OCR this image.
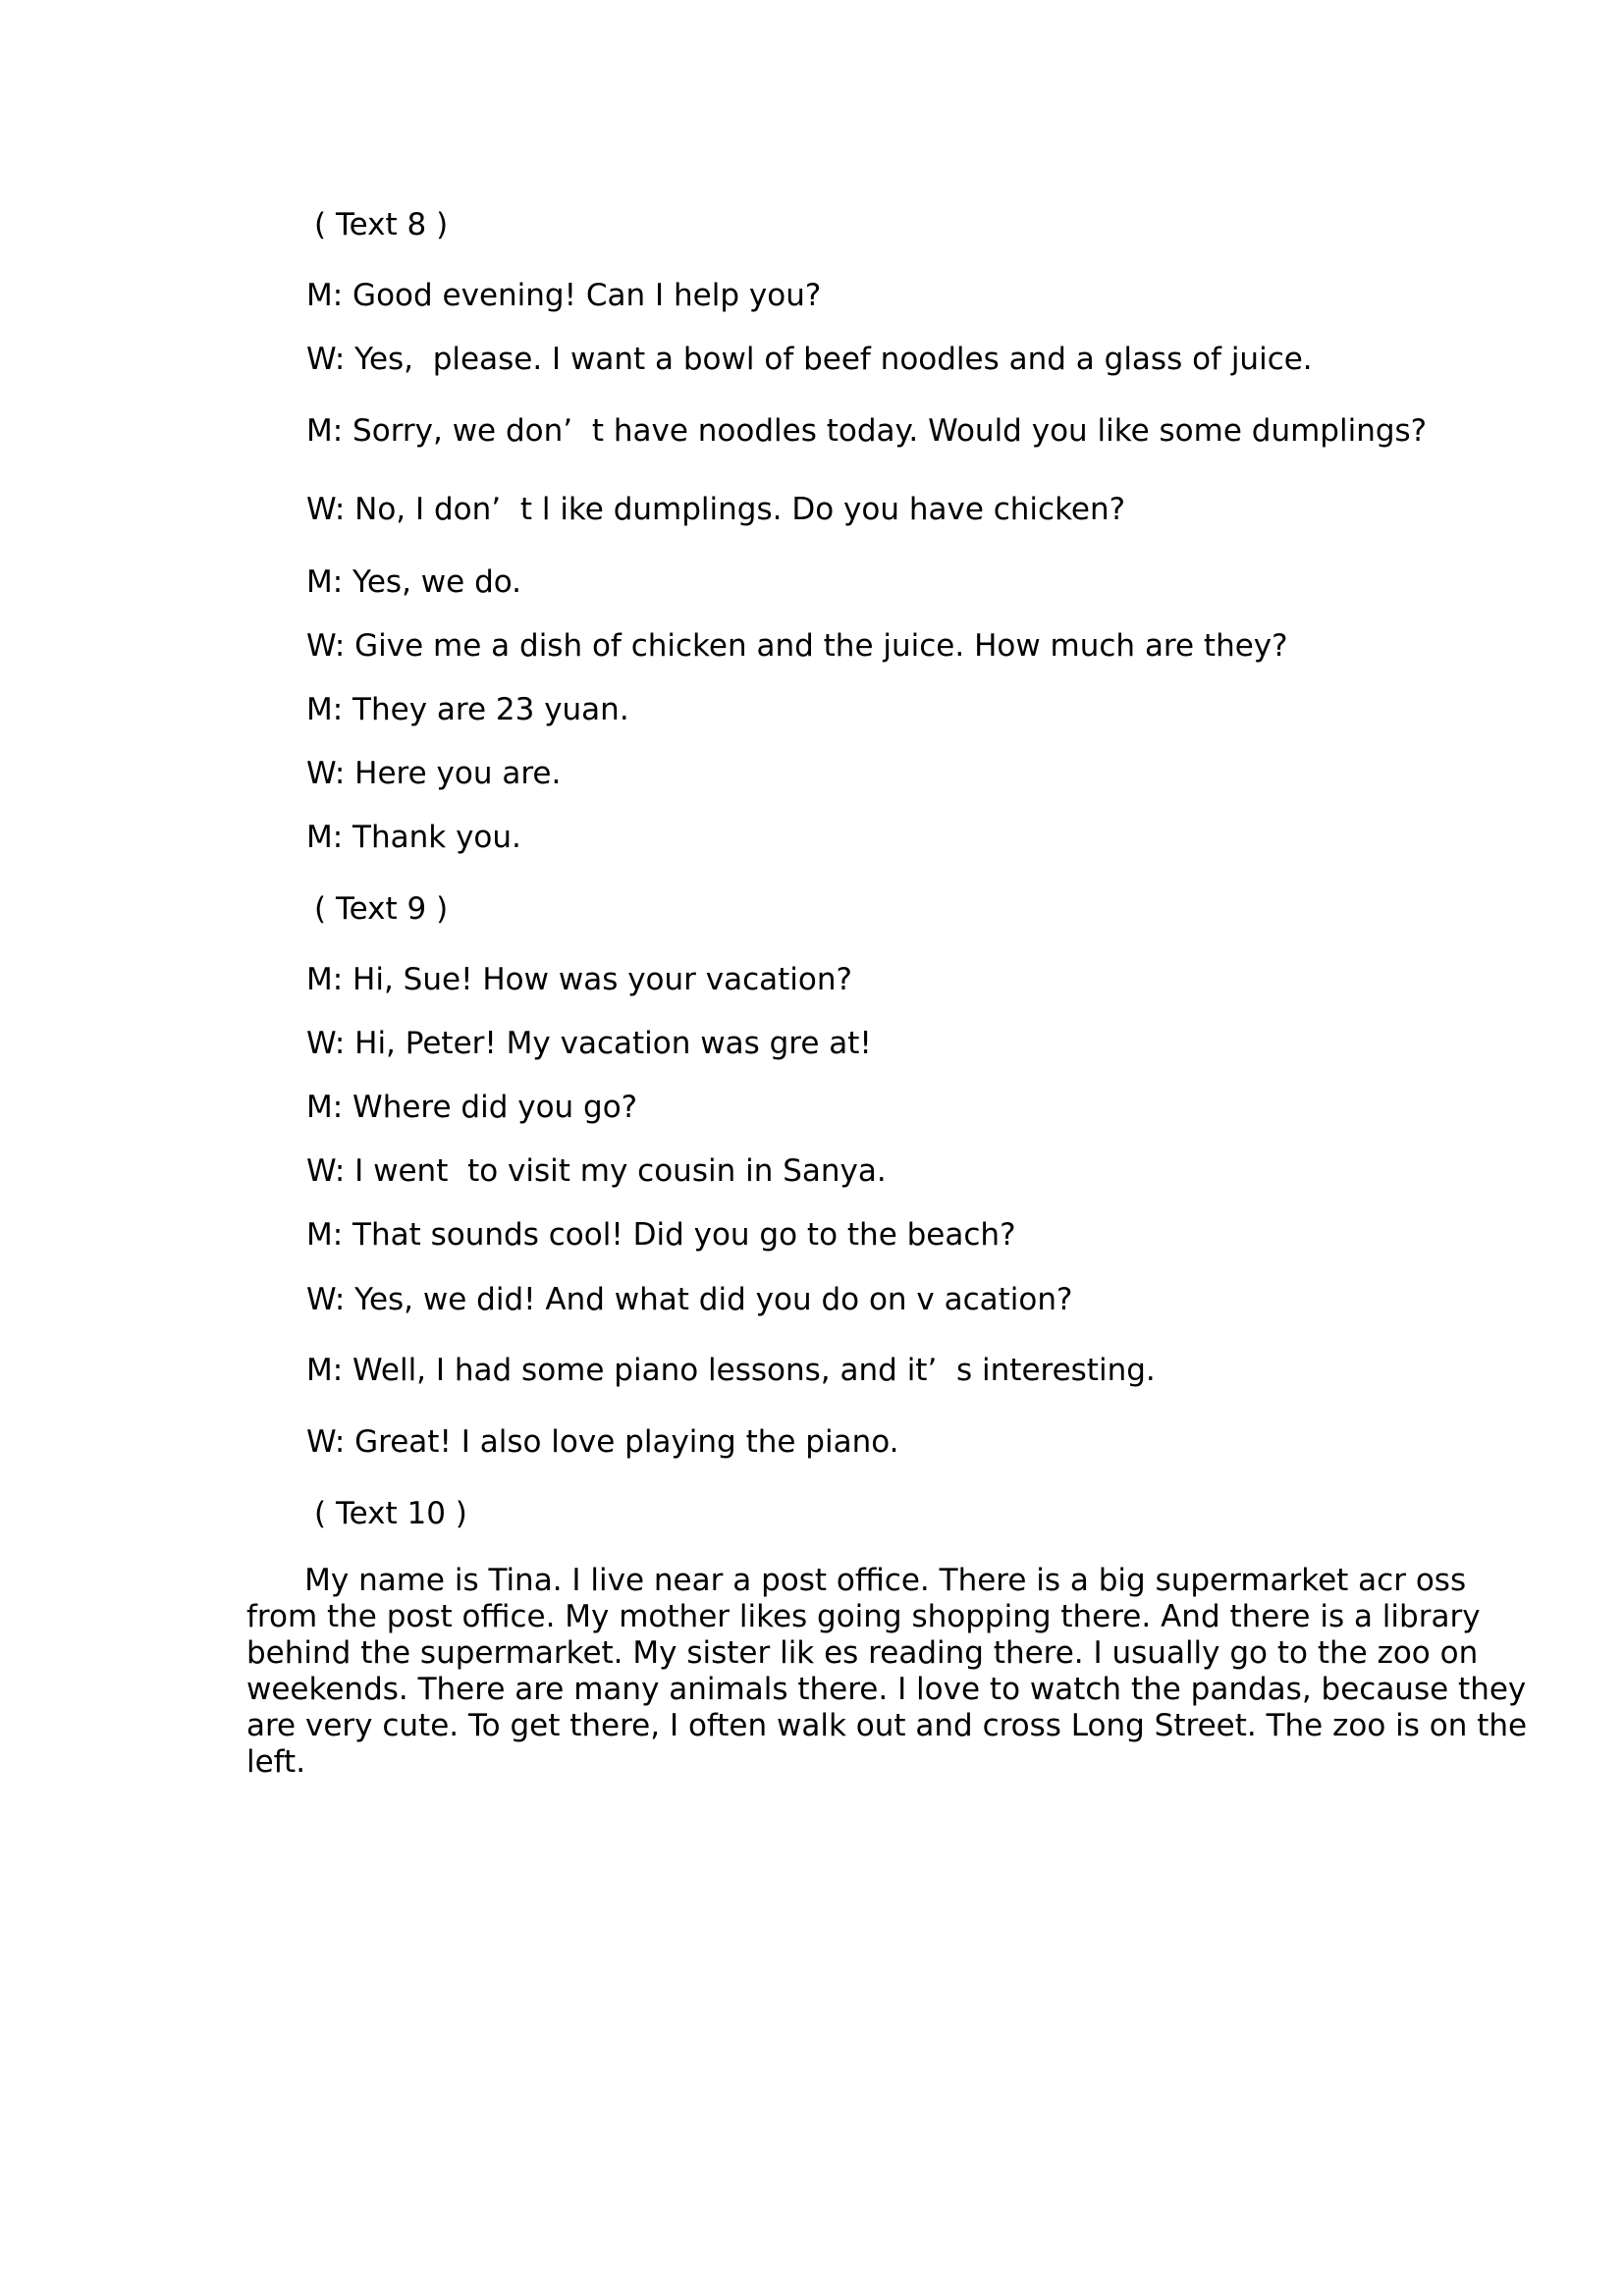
( Text 8 )
M: Good evening! Can I help you?
W: Yes,  please. I want a bowl of beef noodles and a glass of juice.
M: Sorry, we don’  t have noodles today. Would you like some dumplings?
W: No, I don’  t l ike dumplings. Do you have chicken?
M: Yes, we do.
W: Give me a dish of chicken and the juice. How much are they?
M: They are 23 yuan.
W: Here you are.
M: Thank you.
( Text 9 )
M: Hi, Sue! How was your vacation?
W: Hi, Peter! My vacation was gre at!
M: Where did you go?
W: I went  to visit my cousin in Sanya.
M: That sounds cool! Did you go to the beach?
W: Yes, we did! And what did you do on v acation?
M: Well, I had some piano lessons, and it’  s interesting.
W: Great! I also love playing the piano.
( Text 10 )
My name is Tina. I live near a post office. There is a big supermarket acr oss
from the post office. My mother likes going shopping there. And there is a library
behind the supermarket. My sister lik es reading there. I usually go to the zoo on
weekends. There are many animals there. I love to watch the pandas, because they
are very cute. To get there, I often walk out and cross Long Street. The zoo is on the
left.
